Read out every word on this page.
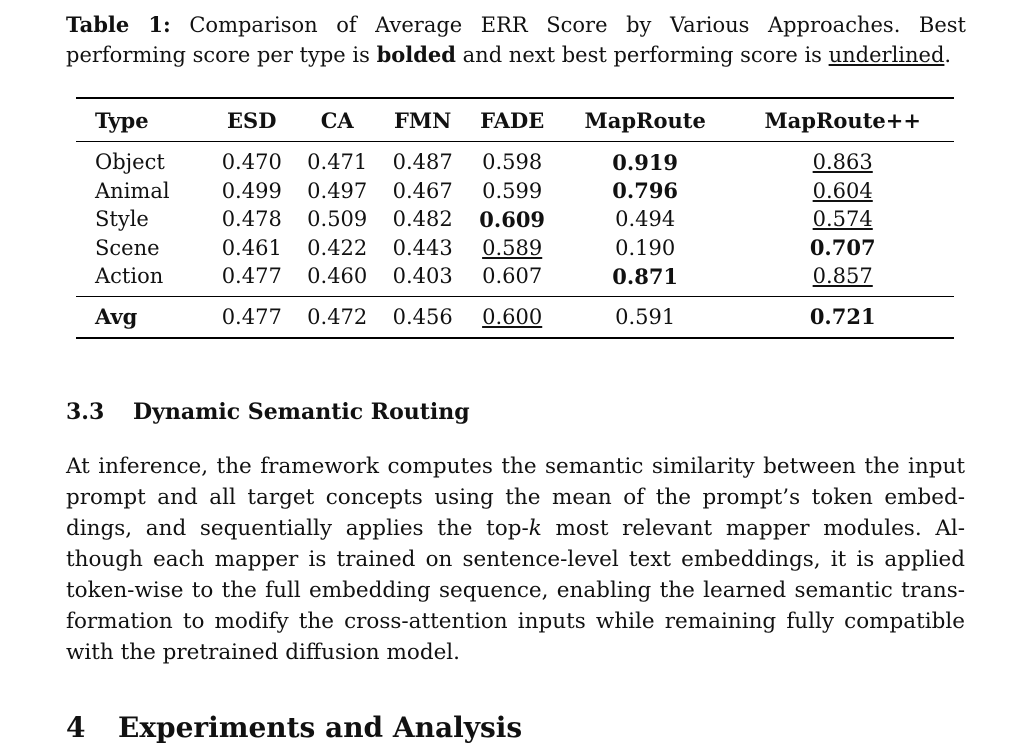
Table 1: Comparison of Average ERR Score by Various Approaches. Best performing score per type is bolded and next best performing score is underlined.
Type	ESD	CA	FMN	FADE	MapRoute	MapRoute++
Object	0.470	0.471	0.487	0.598	0.919	0.863
Animal	0.499	0.497	0.467	0.599	0.796	0.604
Style	0.478	0.509	0.482	0.609	0.494	0.574
Scene	0.461	0.422	0.443	0.589	0.190	0.707
Action	0.477	0.460	0.403	0.607	0.871	0.857
Avg	0.477	0.472	0.456	0.600	0.591	0.721
3.3 Dynamic Semantic Routing

At inference, the framework computes the semantic similarity between the input prompt and all target concepts using the mean of the prompt’s token embeddings, and sequentially applies the top-k most relevant mapper modules. Although each mapper is trained on sentence-level text embeddings, it is applied token-wise to the full embedding sequence, enabling the learned semantic transformation to modify the cross-attention inputs while remaining fully compatible with the pretrained diffusion model.

4 Experiments and Analysis
